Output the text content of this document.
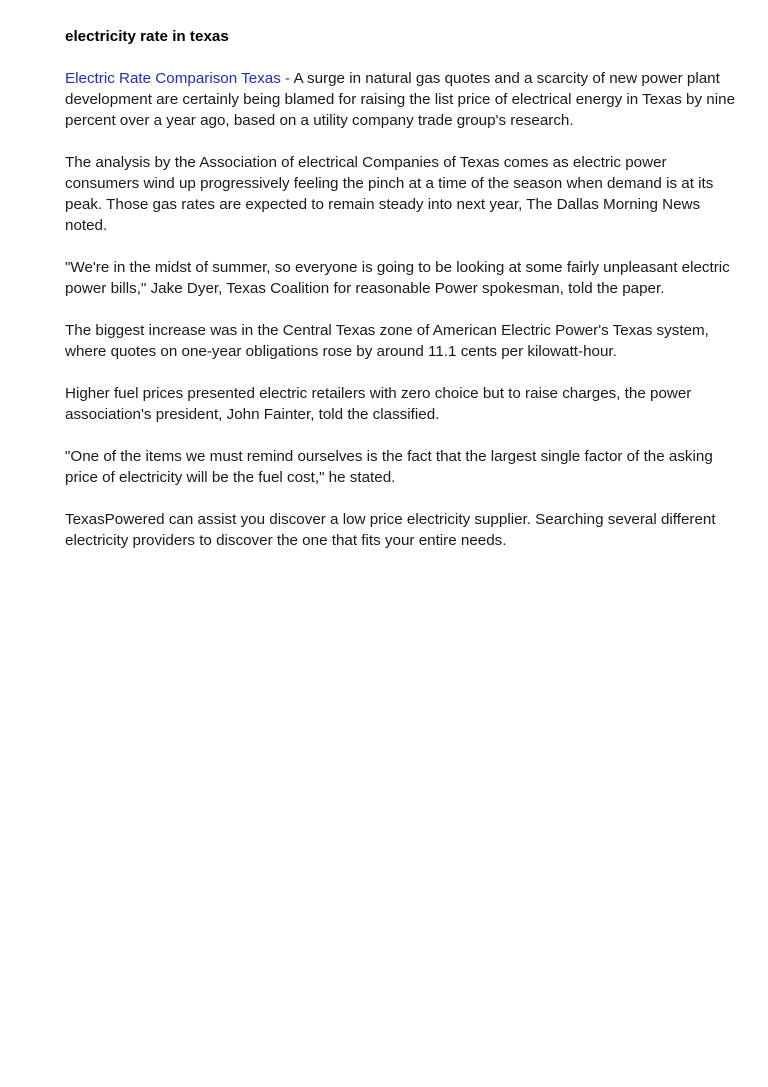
electricity rate in texas

Electric Rate Comparison Texas - A surge in natural gas quotes and a scarcity of new power plant development are certainly being blamed for raising the list price of electrical energy in Texas by nine percent over a year ago, based on a utility company trade group's research.

The analysis by the Association of electrical Companies of Texas comes as electric power consumers wind up progressively feeling the pinch at a time of the season when demand is at its peak. Those gas rates are expected to remain steady into next year, The Dallas Morning News noted.

"We're in the midst of summer, so everyone is going to be looking at some fairly unpleasant electric power bills," Jake Dyer, Texas Coalition for reasonable Power spokesman, told the paper.

The biggest increase was in the Central Texas zone of American Electric Power's Texas system, where quotes on one-year obligations rose by around 11.1 cents per kilowatt-hour.

Higher fuel prices presented electric retailers with zero choice but to raise charges, the power association's president, John Fainter, told the classified.

"One of the items we must remind ourselves is the fact that the largest single factor of the asking price of electricity will be the fuel cost," he stated.

TexasPowered can assist you discover a low price electricity supplier. Searching several different electricity providers to discover the one that fits your entire needs.
